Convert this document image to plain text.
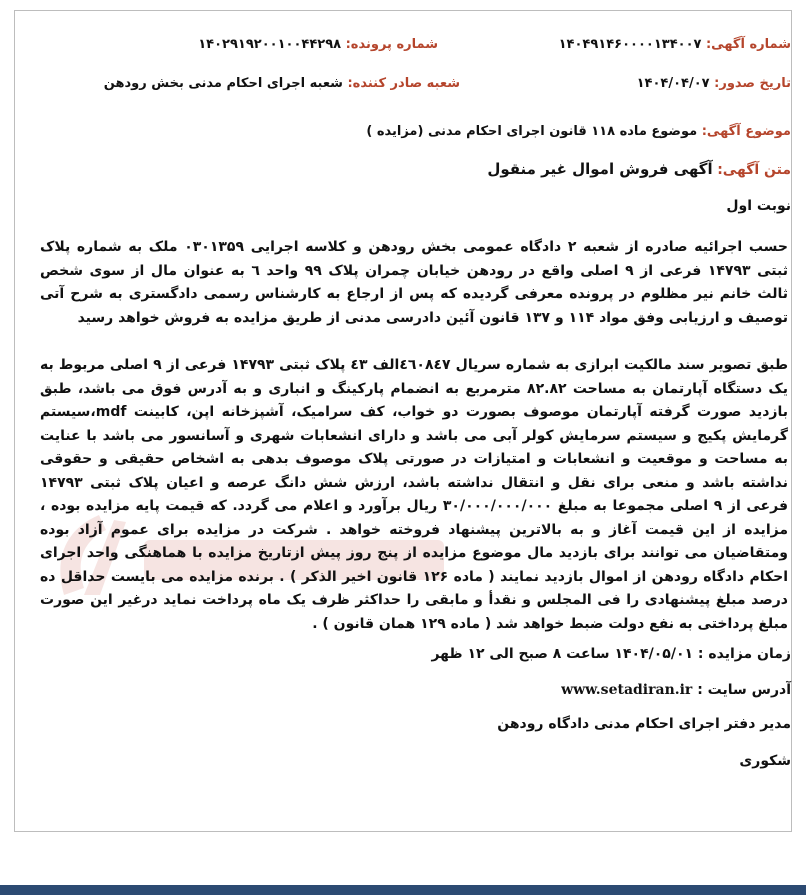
شماره آگهی: ۱۴۰۴۹۱۴۶۰۰۰۰۱۳۴۰۰۷
شماره پرونده: ۱۴۰۲۹۱۹۲۰۰۱۰۰۴۴۲۹۸
تاریخ صدور: ۱۴۰۴/۰۴/۰۷
شعبه صادر کننده: شعبه اجرای احکام مدنی بخش رودهن
موضوع آگهی: موضوع ماده ۱۱۸ قانون اجرای احکام مدنی (مزایده )
متن آگهی: آگهی فروش اموال غیر منقول
نوبت اول
حسب اجرائیه صادره از شعبه ۲ دادگاه عمومی بخش رودهن و کلاسه اجرایی ۰۳۰۱۳۵۹ ملک به شماره پلاک ثبتی ۱۴۷۹۳ فرعی از ۹ اصلی واقع در رودهن خیابان چمران پلاک ۹۹ واحد ٦ به عنوان مال از سوی شخص ثالث خانم نیر مظلوم در پرونده معرفی گردیده که پس از ارجاع به کارشناس رسمی دادگستری به شرح آتی توصیف و ارزیابی وفق مواد ۱۱۴ و ۱۳۷ قانون آئین دادرسی مدنی از طریق مزایده به فروش خواهد رسید
طبق تصویر سند مالکیت ابرازی به شماره سریال ٤٦٠٨٤٧الف ٤٣ پلاک ثبتی ۱۴۷۹۳ فرعی از ۹ اصلی مربوط به یک دستگاه آپارتمان به مساحت ۸۲.۸۲ مترمربع به انضمام پارکینگ و انباری و به آدرس فوق می باشد، طبق بازدید صورت گرفته آپارتمان موصوف بصورت دو خواب، کف سرامیک، آشپزخانه اپن، کابینت mdf،سیستم گرمایش پکیج و سیستم سرمایش کولر آبی می باشد و دارای انشعابات شهری و آسانسور می باشد با عنایت به مساحت و موقعیت و انشعابات و امتیازات در صورتی پلاک موصوف بدهی به اشخاص حقیقی و حقوقی نداشته باشد و منعی برای نقل و انتقال نداشته باشد، ارزش شش دانگ عرصه و اعیان پلاک ثبتی ۱۴۷۹۳ فرعی از ۹ اصلی مجموعا به مبلغ ۳۰/۰۰۰/۰۰۰/۰۰۰ ریال برآورد و اعلام می گردد. که قیمت پایه مزایده بوده ، مزایده از این قیمت آغاز و به بالاترین پیشنهاد فروخته خواهد . شرکت در مزایده برای عموم آزاد بوده ومتقاضیان می توانند برای بازدید مال موضوع مزایده از پنج روز پیش ازتاریخ مزایده با هماهنگی واحد اجرای احکام دادگاه رودهن از اموال بازدید نمایند ( ماده ۱۲۶ قانون اخیر الذکر ) . برنده مزایده می بایست حداقل ده درصد مبلغ پیشنهادی را فی المجلس و نقدأ و مابقی را حداکثر ظرف یک ماه پرداخت نماید درغیر این صورت مبلغ پرداختی به نفع دولت ضبط خواهد شد ( ماده ۱۲۹ همان قانون ) .
زمان مزایده : ۱۴۰۴/۰۵/۰۱ ساعت ۸ صبح الی ۱۲ ظهر
آدرس سایت : www.setadiran.ir
مدیر دفتر اجرای احکام مدنی دادگاه رودهن
شکوری
